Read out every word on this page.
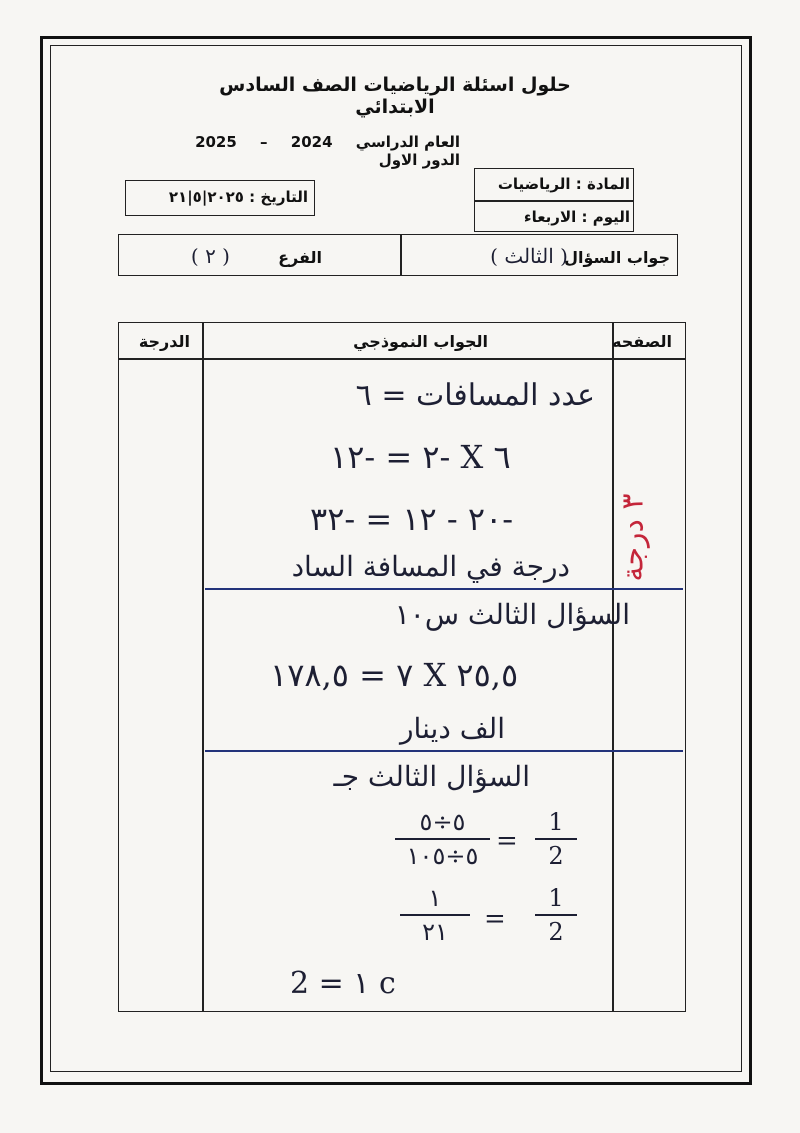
حلول اسئلة الرياضيات الصف السادس الابتدائي
العام الدراسي 2024 – 2025 الدور الاول
المادة : الرياضيات
اليوم : الاربعاء
التاريخ : ٢٠٢٥|٥|٢١
جواب السؤال
( الثالث )
الفرع
( ٢ )
الصفحه
الجواب النموذجي
الدرجة
عدد المسافات = ٦
٦ X -٢ = -١٢
-٢٠ - ١٢ = -٣٢
درجة في المسافة الساد
السؤال الثالث س١٠
٢٥,٥ X ٧ = ١٧٨,٥
الف دينار
السؤال الثالث جـ
٥÷٥
٥÷١٠٥ =
1
2
١
٢١	=
1
2
2 = ١ c
٣ درجة
